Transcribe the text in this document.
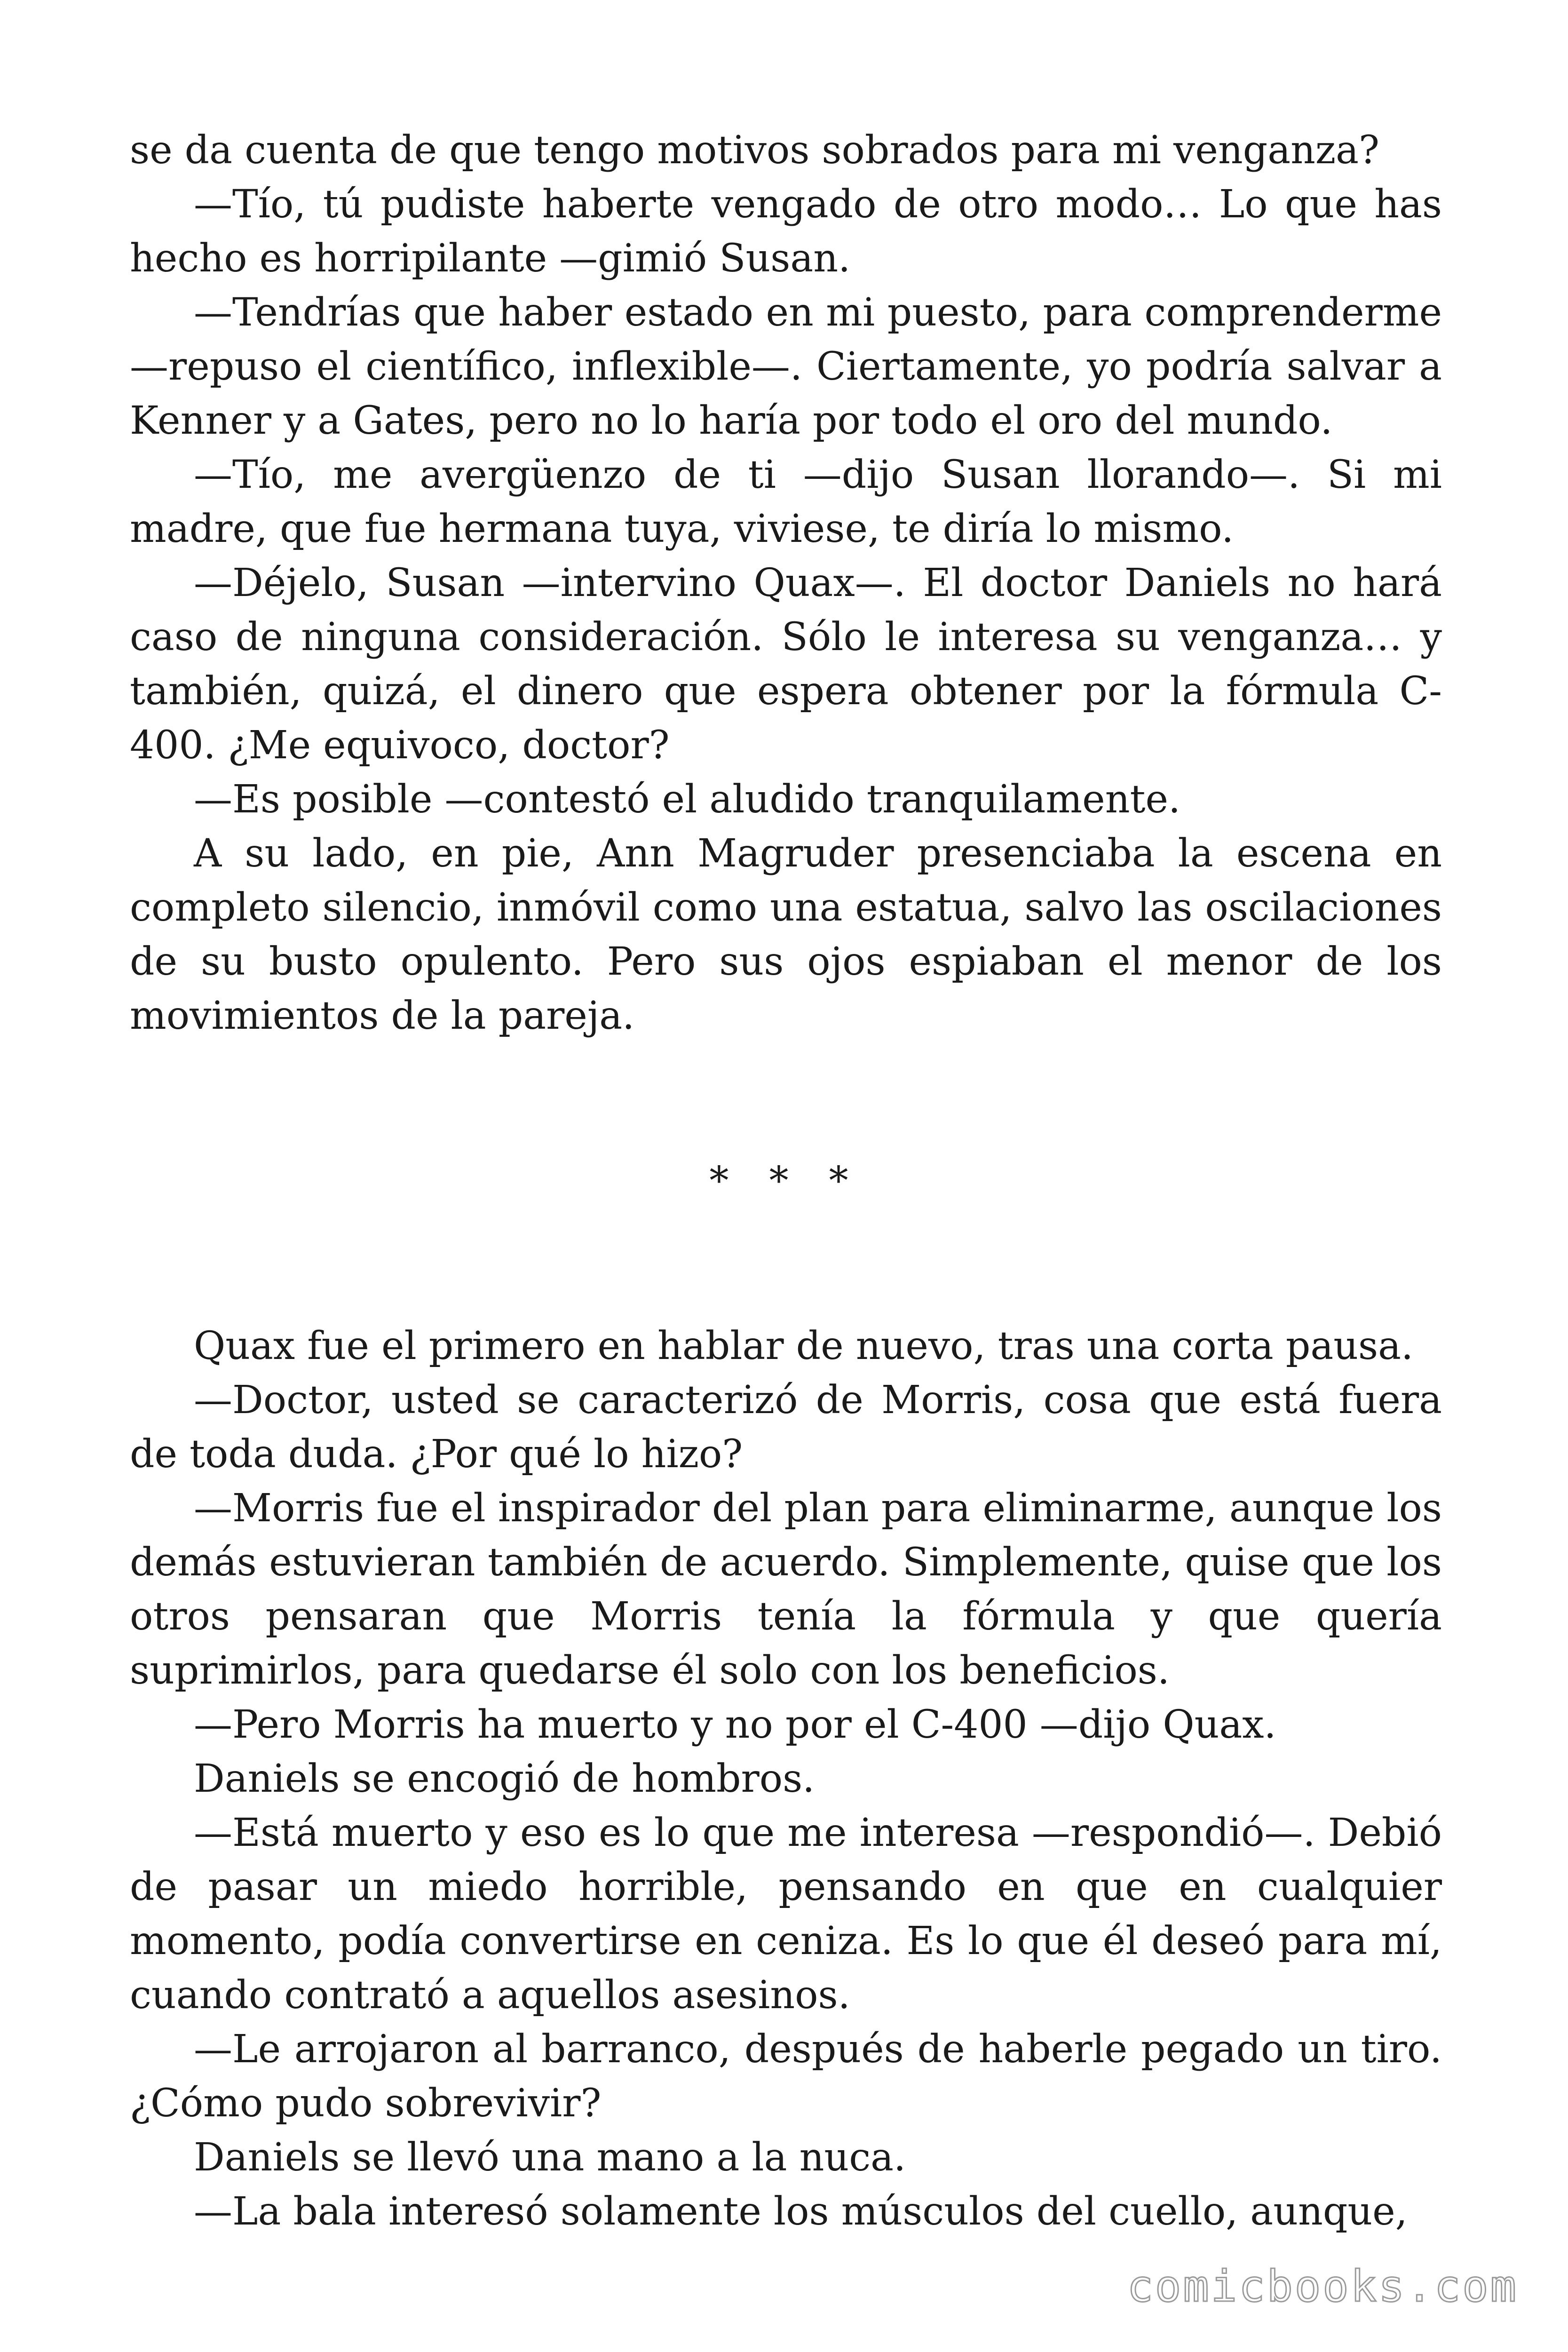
se da cuenta de que tengo motivos sobrados para mi venganza?

—Tío, tú pudiste haberte vengado de otro modo… Lo que has hecho es horripilante —gimió Susan.

—Tendrías que haber estado en mi puesto, para comprenderme —repuso el científico, inflexible—. Ciertamente, yo podría salvar a Kenner y a Gates, pero no lo haría por todo el oro del mundo.

—Tío, me avergüenzo de ti —dijo Susan llorando—. Si mi madre, que fue hermana tuya, viviese, te diría lo mismo.

—Déjelo, Susan —intervino Quax—. El doctor Daniels no hará caso de ninguna consideración. Sólo le interesa su venganza… y también, quizá, el dinero que espera obtener por la fórmula C-400. ¿Me equivoco, doctor?

—Es posible —contestó el aludido tranquilamente.

A su lado, en pie, Ann Magruder presenciaba la escena en completo silencio, inmóvil como una estatua, salvo las oscilaciones de su busto opulento. Pero sus ojos espiaban el menor de los movimientos de la pareja.

* * *

Quax fue el primero en hablar de nuevo, tras una corta pausa.

—Doctor, usted se caracterizó de Morris, cosa que está fuera de toda duda. ¿Por qué lo hizo?

—Morris fue el inspirador del plan para eliminarme, aunque los demás estuvieran también de acuerdo. Simplemente, quise que los otros pensaran que Morris tenía la fórmula y que quería suprimirlos, para quedarse él solo con los beneficios.

—Pero Morris ha muerto y no por el C-400 —dijo Quax.

Daniels se encogió de hombros.

—Está muerto y eso es lo que me interesa —respondió—. Debió de pasar un miedo horrible, pensando en que en cualquier momento, podía convertirse en ceniza. Es lo que él deseó para mí, cuando contrató a aquellos asesinos.

—Le arrojaron al barranco, después de haberle pegado un tiro. ¿Cómo pudo sobrevivir?

Daniels se llevó una mano a la nuca.

—La bala interesó solamente los músculos del cuello, aunque,

comicbooks.com
